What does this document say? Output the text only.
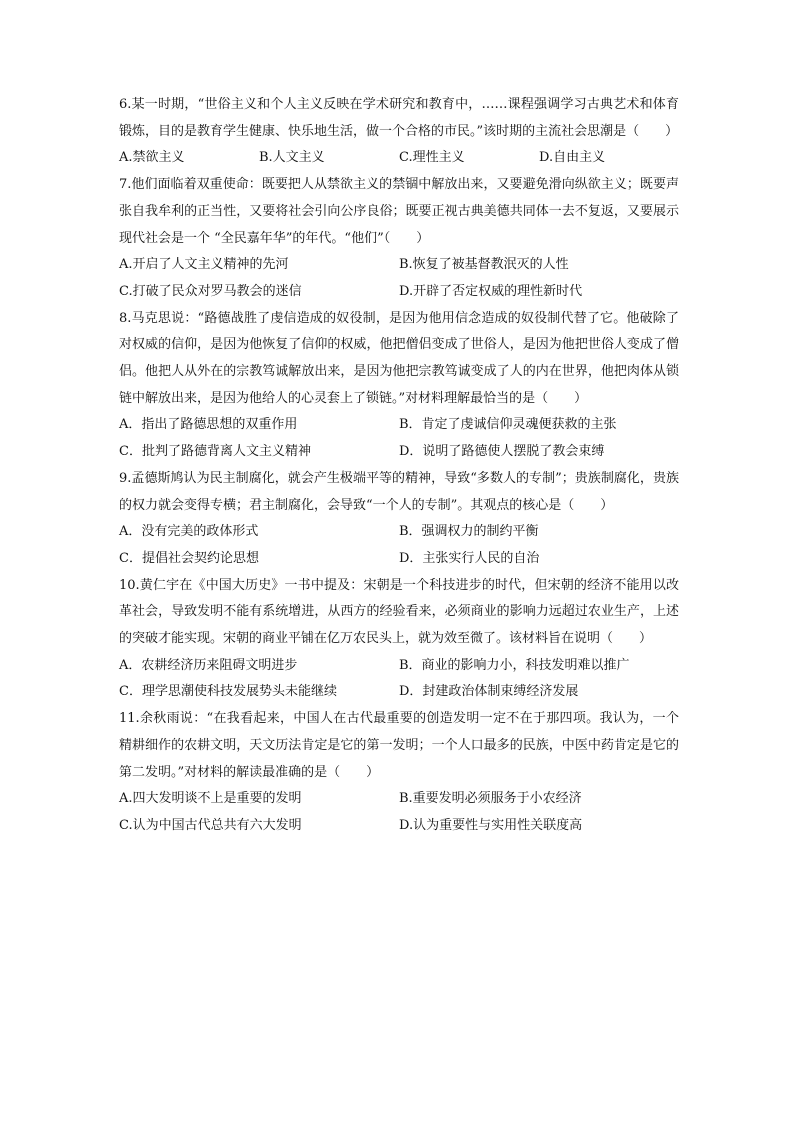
6.某一时期，“世俗主义和个人主义反映在学术研究和教育中，……课程强调学习古典艺术和体育锻炼，目的是教育学生健康、快乐地生活，做一个合格的市民。”该时期的主流社会思潮是（　　）

A.禁欲主义	B.人文主义	C.理性主义	D.自由主义

7.他们面临着双重使命：既要把人从禁欲主义的禁锢中解放出来，又要避免滑向纵欲主义；既要声张自我牟利的正当性，又要将社会引向公序良俗；既要正视古典美德共同体一去不复返，又要展示现代社会是一个 “全民嘉年华”的年代。“他们”（　　）

A.开启了人文主义精神的先河	B.恢复了被基督教泯灭的人性
C.打破了民众对罗马教会的迷信	D.开辟了否定权威的理性新时代

8.马克思说：“路德战胜了虔信造成的奴役制，是因为他用信念造成的奴役制代替了它。他破除了对权威的信仰，是因为他恢复了信仰的权威，他把僧侣变成了世俗人，是因为他把世俗人变成了僧侣。他把人从外在的宗教笃诚解放出来，是因为他把宗教笃诚变成了人的内在世界，他把肉体从锁链中解放出来，是因为他给人的心灵套上了锁链。”对材料理解最恰当的是（　　）

A．指出了路德思想的双重作用	B．肯定了虔诚信仰灵魂便获救的主张
C．批判了路德背离人文主义精神	D．说明了路德使人摆脱了教会束缚

9.孟德斯鸠认为民主制腐化，就会产生极端平等的精神，导致“多数人的专制”；贵族制腐化，贵族的权力就会变得专横；君主制腐化，会导致“一个人的专制”。其观点的核心是（　　）

A．没有完美的政体形式	B．强调权力的制约平衡
C．提倡社会契约论思想	D．主张实行人民的自治

10.黄仁宇在《中国大历史》一书中提及：宋朝是一个科技进步的时代，但宋朝的经济不能用以改革社会，导致发明不能有系统增进，从西方的经验看来，必须商业的影响力远超过农业生产，上述的突破才能实现。宋朝的商业平铺在亿万农民头上，就为效至微了。该材料旨在说明（　　）

A．农耕经济历来阻碍文明进步	B．商业的影响力小，科技发明难以推广
C．理学思潮使科技发展势头未能继续	D．封建政治体制束缚经济发展

11.余秋雨说：“在我看起来，中国人在古代最重要的创造发明一定不在于那四项。我认为，一个精耕细作的农耕文明，天文历法肯定是它的第一发明；一个人口最多的民族，中医中药肯定是它的第二发明。”对材料的解读最准确的是（　　）

A.四大发明谈不上是重要的发明	B.重要发明必须服务于小农经济
C.认为中国古代总共有六大发明	D.认为重要性与实用性关联度高
